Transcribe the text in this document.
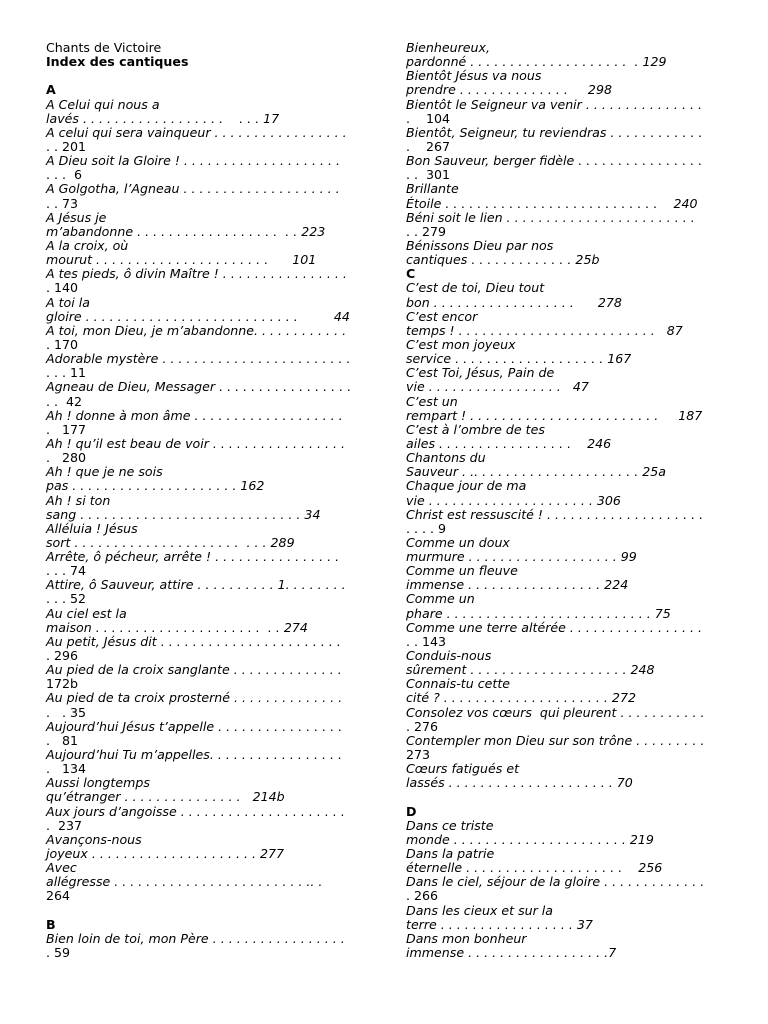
Chants de Victoire
Index des cantiques
A
A Celui qui nous a
lavés . . . . . . . . . . . . . . . . . .    . . . 17
A celui qui sera vainqueur . . . . . . . . . . . . . . . . .
. . 201
A Dieu soit la Gloire ! . . . . . . . . . . . . . . . . . . . .
. . .  6
A Golgotha, l’Agneau . . . . . . . . . . . . . . . . . . . .
. . 73
A Jésus je
m’abandonne . . . . . . . . . . . . . . . . . .  . . 223
A la croix, où
mourut . . . . . . . . . . . . . . . . . . . . . .      101
A tes pieds, ô divin Maître ! . . . . . . . . . . . . . . . .
. 140
A toi la
gloire . . . . . . . . . . . . . . . . . . . . . . . . . . .         44
A toi, mon Dieu, je m’abandonne. . . . . . . . . . . .
. 170
Adorable mystère . . . . . . . . . . . . . . . . . . . . . . . .
. . . 11
Agneau de Dieu, Messager . . . . . . . . . . . . . . . . .
. .  42
Ah ! donne à mon âme . . . . . . . . . . . . . . . . . . .
.   177
Ah ! qu’il est beau de voir . . . . . . . . . . . . . . . . .
.   280
Ah ! que je ne sois
pas . . . . . . . . . . . . . . . . . . . . . 162
Ah ! si ton
sang . . . . . . . . . . . . . . . . . . . . . . . . . . . . 34
Alléluia ! Jésus
sort . . . . . . . . . . . . . . . . . . . . .  . . . 289
Arrête, ô pécheur, arrête ! . . . . . . . . . . . . . . . .
. . . 74
Attire, ô Sauveur, attire . . . . . . . . . . 1. . . . . . . .
. . . 52
Au ciel est la
maison . . . . . . . . . . . . . . . . . . . . .  . . 274
Au petit, Jésus dit . . . . . . . . . . . . . . . . . . . . . . .
. 296
Au pied de la croix sanglante . . . . . . . . . . . . . .
172b
Au pied de ta croix prosterné . . . . . . . . . . . . . .
.   . 35
Aujourd’hui Jésus t’appelle . . . . . . . . . . . . . . . .
.   81
Aujourd’hui Tu m’appelles. . . . . . . . . . . . . . . . .
.   134
Aussi longtemps
qu’étranger . . . . . . . . . . . . . . .   214b
Aux jours d’angoisse . . . . . . . . . . . . . . . . . . . . .
.  237
Avançons-nous
joyeux . . . . . . . . . . . . . . . . . . . . . 277
Avec
allégresse . . . . . . . . . . . . . . . . . . . . . . . . .. .
264
B
Bien loin de toi, mon Père . . . . . . . . . . . . . . . . .
. 59
Bienheureux,
pardonné . . . . . . . . . . . . . . . . . . . .  . 129
Bientôt Jésus va nous
prendre . . . . . . . . . . . . . .     298
Bientôt le Seigneur va venir . . . . . . . . . . . . . . .
.    104
Bientôt, Seigneur, tu reviendras . . . . . . . . . . . .
.    267
Bon Sauveur, berger fidèle . . . . . . . . . . . . . . . .
. .  301
Brillante
Étoile . . . . . . . . . . . . . . . . . . . . . . . . . . .    240
Béni soit le lien . . . . . . . . . . . . . . . . . . . . . . . .
. . 279
Bénissons Dieu par nos
cantiques . . . . . . . . . . . . . 25b
C
C’est de toi, Dieu tout
bon . . . . . . . . . . . . . . . . . .      278
C’est encor
temps ! . . . . . . . . . . . . . . . . . . . . . . . . .   87
C’est mon joyeux
service . . . . . . . . . . . . . . . . . . . 167
C’est Toi, Jésus, Pain de
vie . . . . . . . . . . . . . . . . .   47
C’est un
rempart ! . . . . . . . . . . . . . . . . . . . . . . . .     187
C’est à l’ombre de tes
ailes . . . . . . . . . . . . . . . . .    246
Chantons du
Sauveur . .. . . . . . . . . . . . . . . . . . . . . 25a
Chaque jour de ma
vie . . . . . . . . . . . . . . . . . . . . . 306
Christ est ressuscité ! . . . . . . . . . . . . . . . . . . . .
. . . . 9
Comme un doux
murmure . . . . . . . . . . . . . . . . . . . 99
Comme un fleuve
immense . . . . . . . . . . . . . . . . . 224
Comme un
phare . . . . . . . . . . . . . . . . . . . . . . . . . . 75
Comme une terre altérée . . . . . . . . . . . . . . . . .
. . 143
Conduis-nous
sûrement . . . . . . . . . . . . . . . . . . . . 248
Connais-tu cette
cité ? . . . . . . . . . . . . . . . . . . . . . 272
Consolez vos cœurs  qui pleurent . . . . . . . . . . .
. 276
Contempler mon Dieu sur son trône . . . . . . . . .
273
Cœurs fatigués et
lassés . . . . . . . . . . . . . . . . . . . . . 70
D
Dans ce triste
monde . . . . . . . . . . . . . . . . . . . . . . 219
Dans la patrie
éternelle . . . . . . . . . . . . . . . . . . . .    256
Dans le ciel, séjour de la gloire . . . . . . . . . . . . .
. 266
Dans les cieux et sur la
terre . . . . . . . . . . . . . . . . . 37
Dans mon bonheur
immense . . . . . . . . . . . . . . . . . .7
